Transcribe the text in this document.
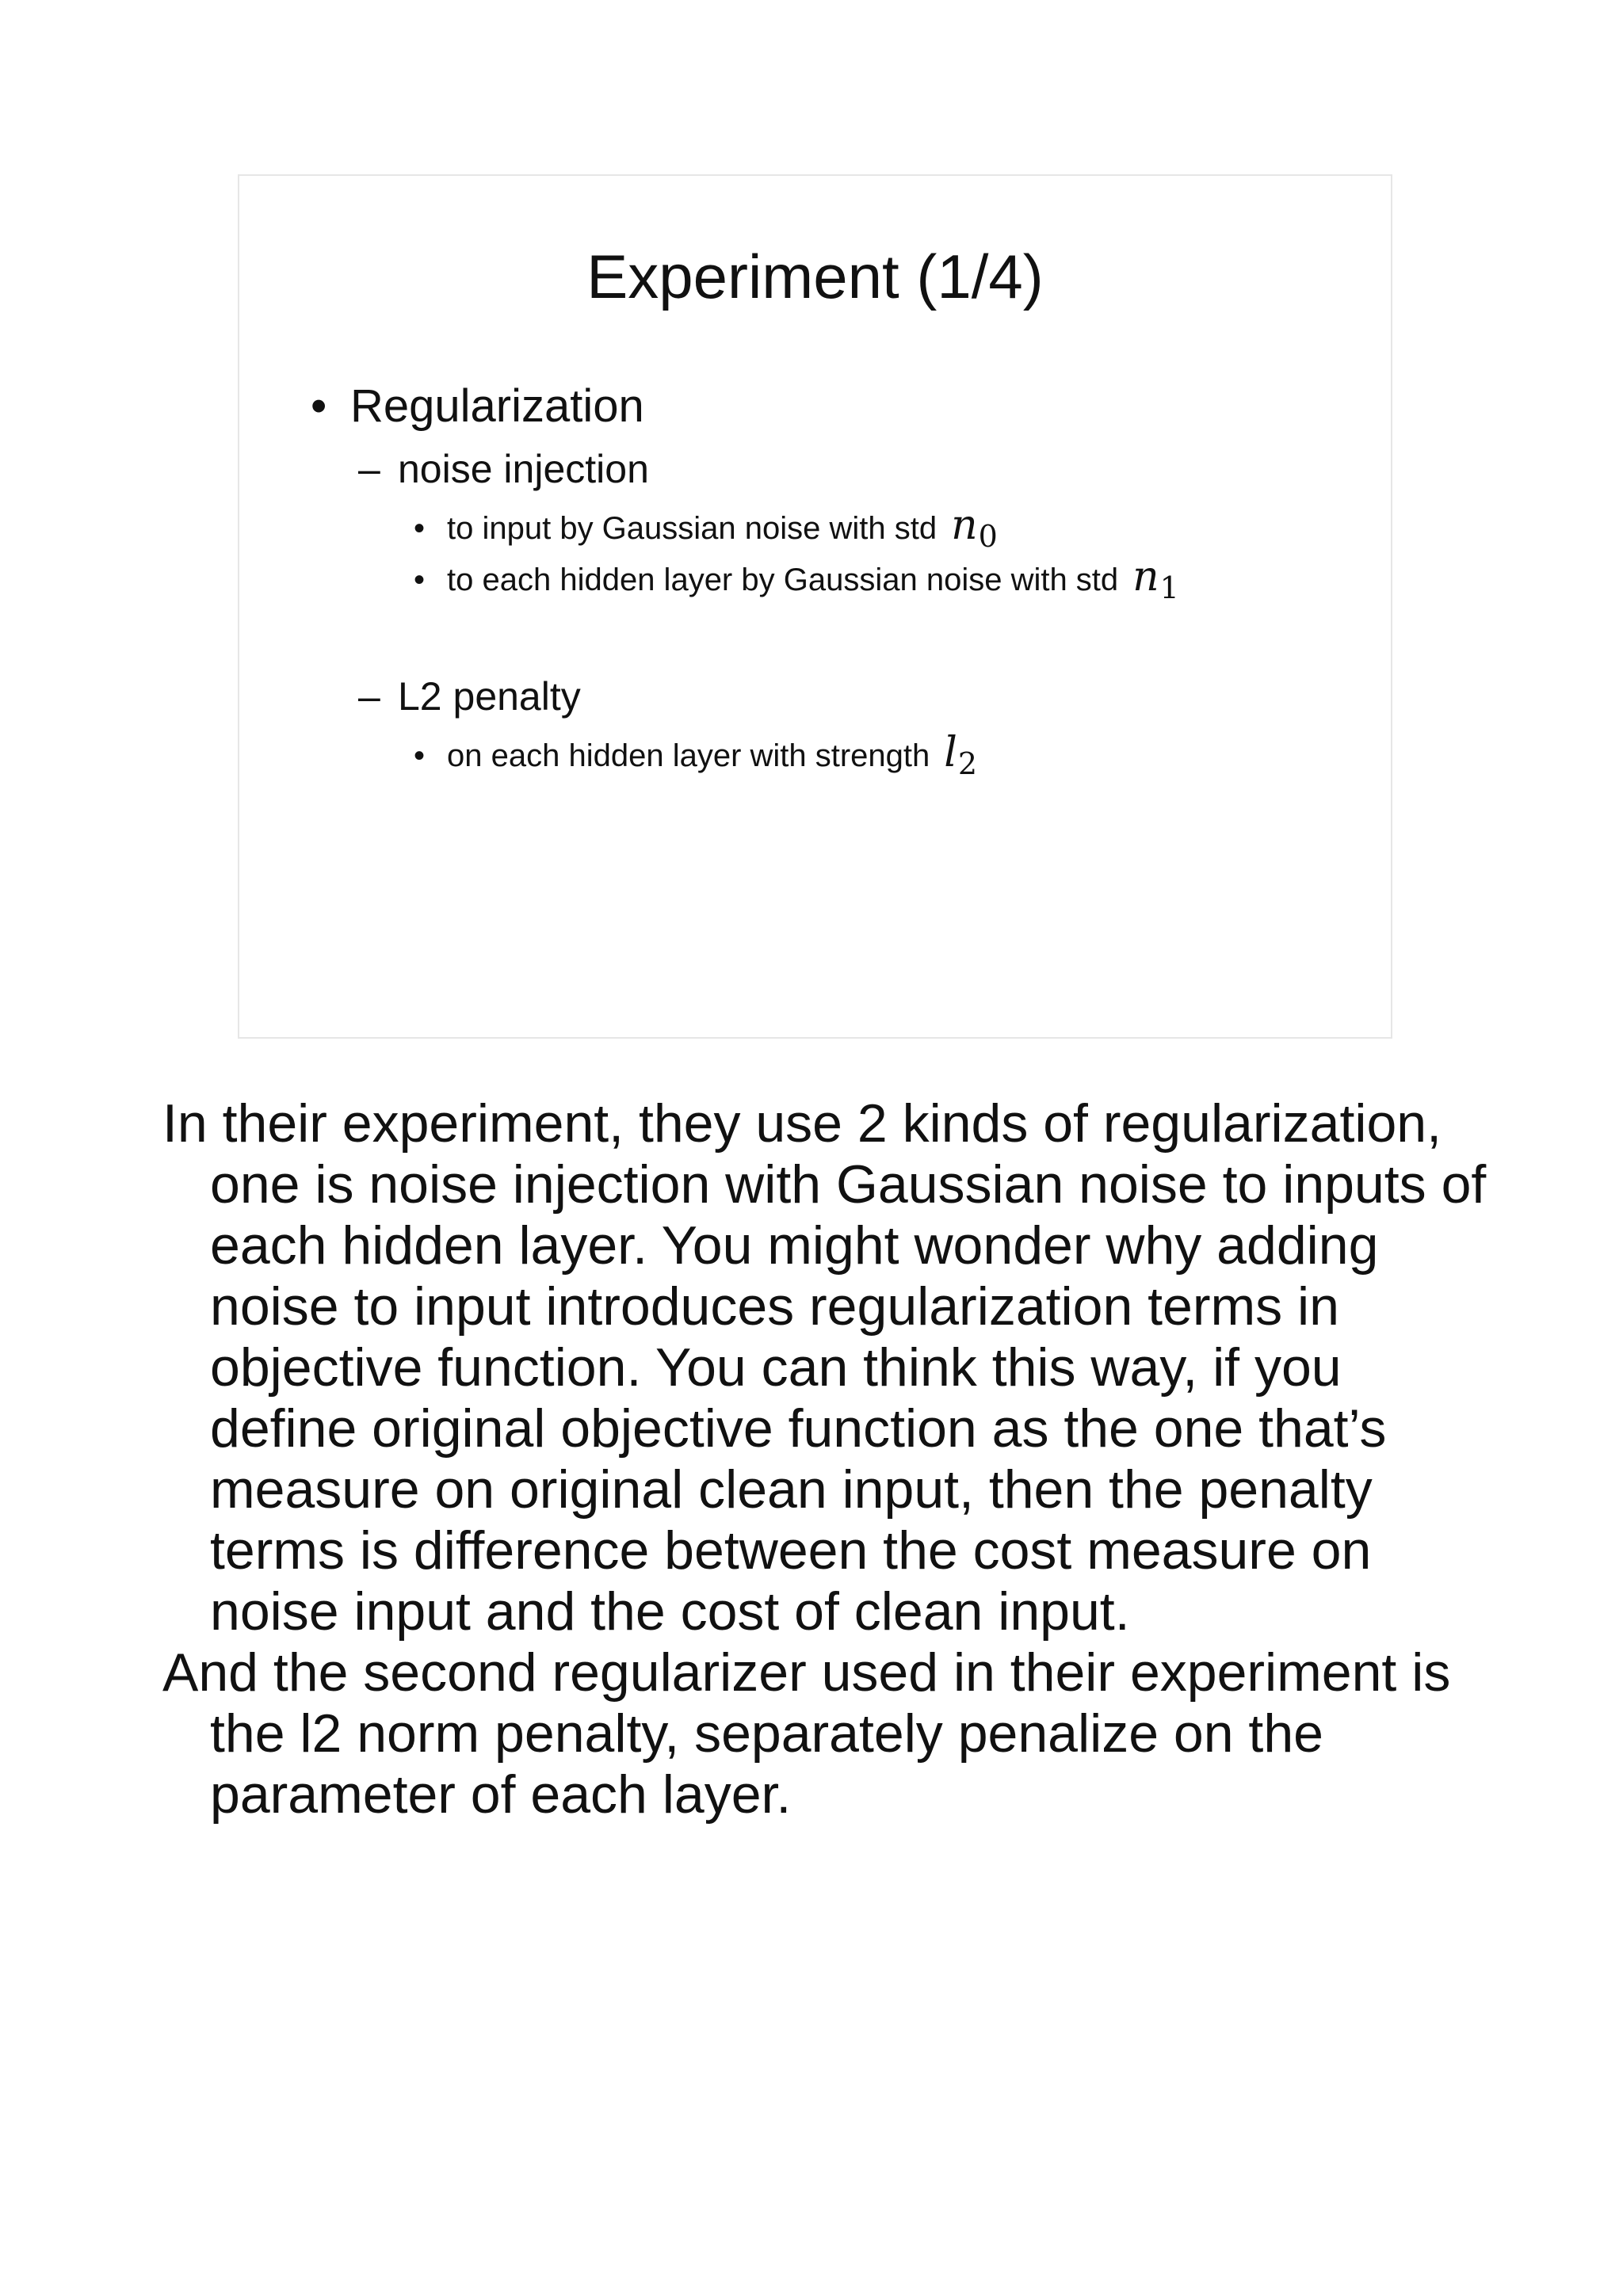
Experiment (1/4)
• Regularization
– noise injection
• to input by Gaussian noise with std $n_0$
• to each hidden layer by Gaussian noise with std $n_1$
– L2 penalty
• on each hidden layer with strength $l_2$

In their experiment, they use 2 kinds of regularization, one is noise injection with Gaussian noise to inputs of each hidden layer. You might wonder why adding noise to input introduces regularization terms in objective function. You can think this way, if you define original objective function as the one that’s measure on original clean input, then the penalty terms is difference between the cost measure on noise input and the cost of clean input.

And the second regularizer used in their experiment is the l2 norm penalty, separately penalize on the parameter of each layer.
